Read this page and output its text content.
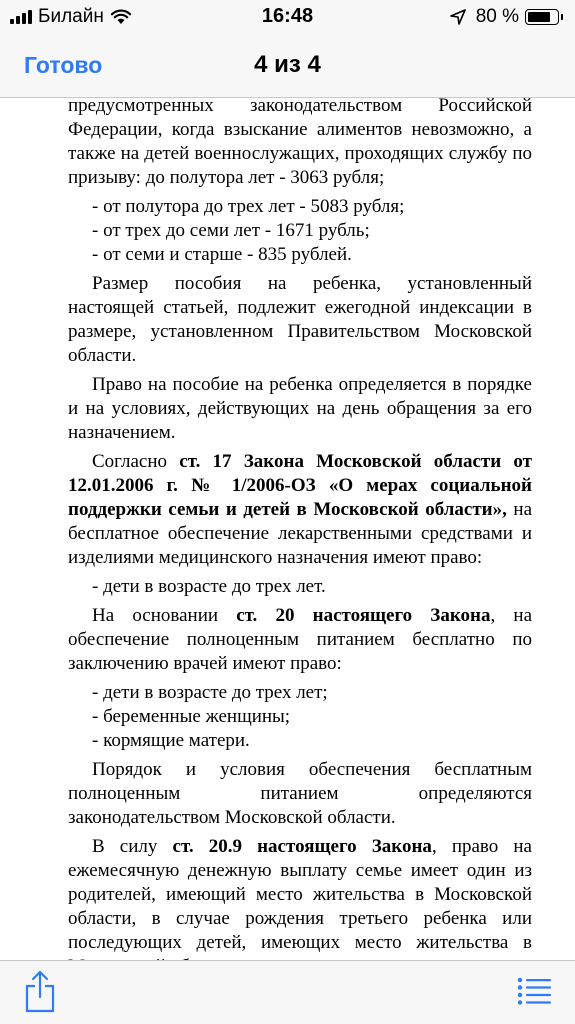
Билайн	16:48	80 %
Готово	4 из 4

предусмотренных законодательством Российской Федерации, когда взыскание алиментов невозможно, а также на детей военнослужащих, проходящих службу по призыву: до полутора лет - 3063 рубля;

- от полутора до трех лет - 5083 рубля;

- от трех до семи лет - 1671 рубль;

- от семи и старше - 835 рублей.

Размер пособия на ребенка, установленный настоящей статьей, подлежит ежегодной индексации в размере, установленном Правительством Московской области.

Право на пособие на ребенка определяется в порядке и на условиях, действующих на день обращения за его назначением.

Согласно ст. 17 Закона Московской области от 12.01.2006 г. № 1/2006-ОЗ «О мерах социальной поддержки семьи и детей в Московской области», на бесплатное обеспечение лекарственными средствами и изделиями медицинского назначения имеют право:

- дети в возрасте до трех лет.

На основании ст. 20 настоящего Закона, на обеспечение полноценным питанием бесплатно по заключению врачей имеют право:

- дети в возрасте до трех лет;

- беременные женщины;

- кормящие матери.

Порядок и условия обеспечения бесплатным полноценным питанием определяются законодательством Московской области.

В силу ст. 20.9 настоящего Закона, право на ежемесячную денежную выплату семье имеет один из родителей, имеющий место жительства в Московской области, в случае рождения третьего ребенка или последующих детей, имеющих место жительства в
